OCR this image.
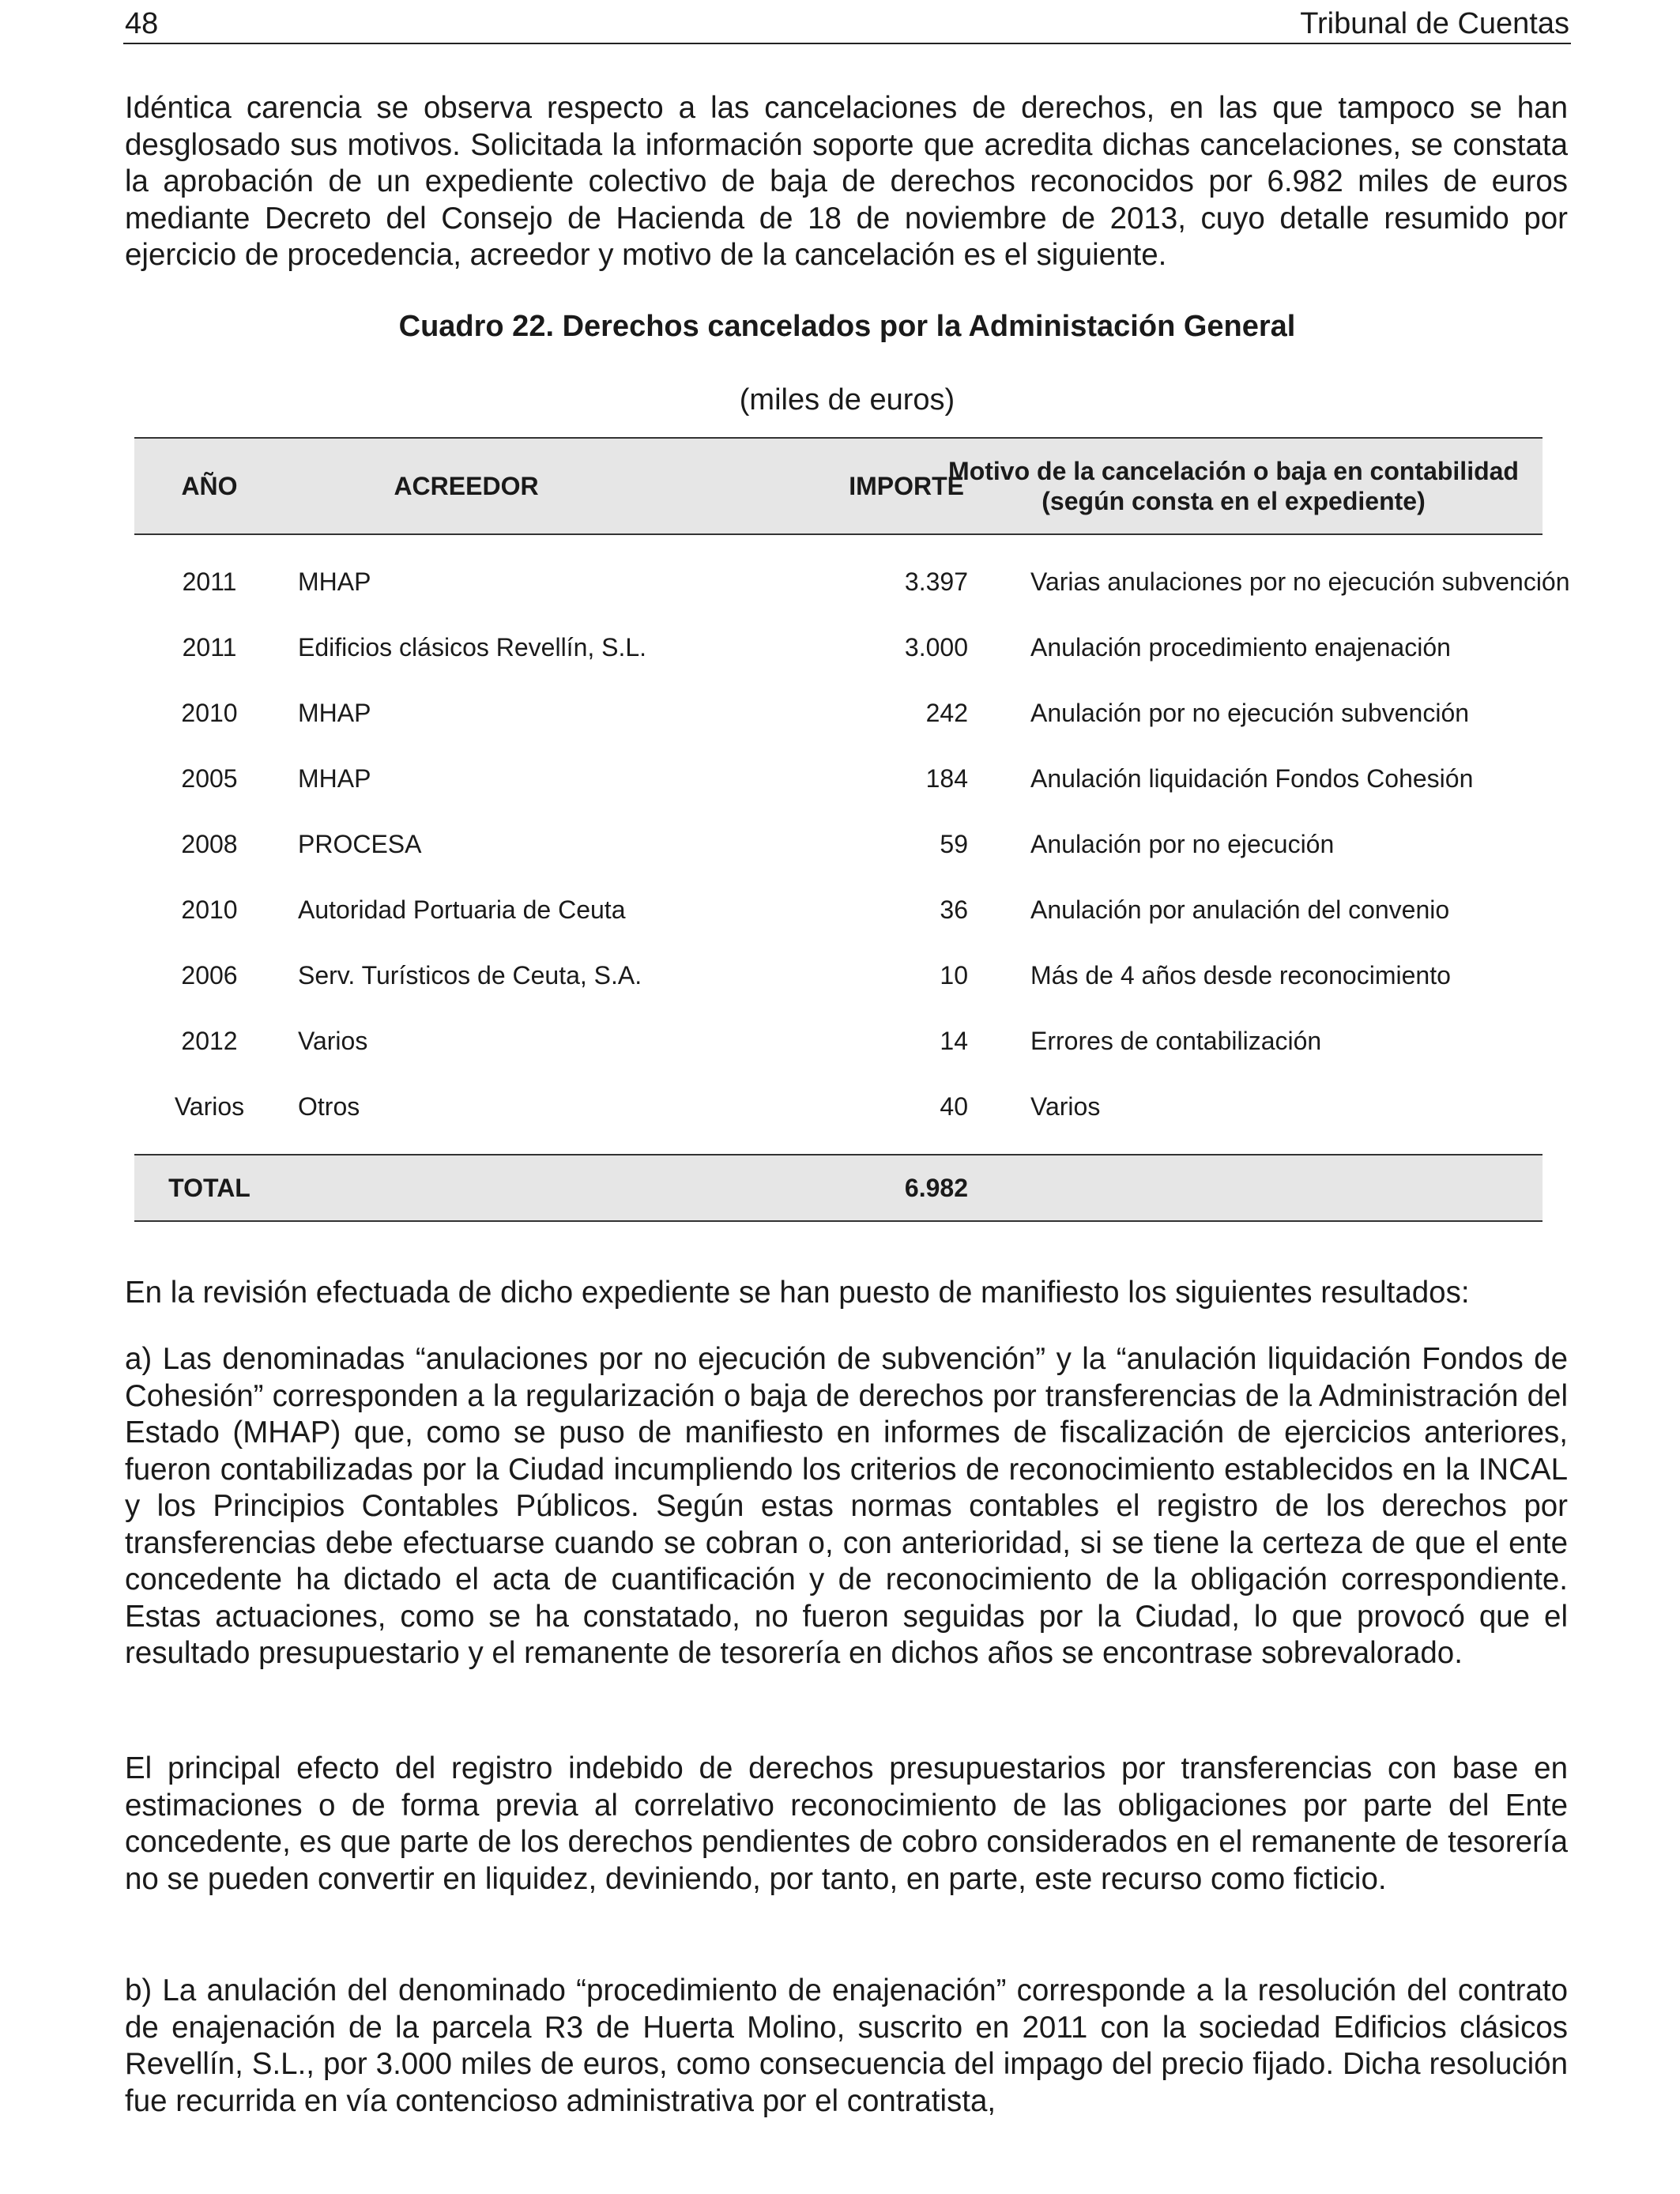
48	Tribunal de Cuentas

Idéntica carencia se observa respecto a las cancelaciones de derechos, en las que tampoco se han desglosado sus motivos. Solicitada la información soporte que acredita dichas cancelaciones, se constata la aprobación de un expediente colectivo de baja de derechos reconocidos por 6.982 miles de euros mediante Decreto del Consejo de Hacienda de 18 de noviembre de 2013, cuyo detalle resumido por ejercicio de procedencia, acreedor y motivo de la cancelación es el siguiente.

Cuadro 22. Derechos cancelados por la Administación General
(miles de euros)
AÑO	ACREEDOR	IMPORTE
Motivo de la cancelación o baja en contabilidad (según consta en el expediente)
2011	MHAP	3.397 Varias anulaciones por no ejecución subvención
2011	Edificios clásicos Revellín, S.L.	3.000 Anulación procedimiento enajenación
2010	MHAP	242 Anulación por no ejecución subvención
2005	MHAP	184 Anulación liquidación Fondos Cohesión
2008	PROCESA	59 Anulación por no ejecución
2010	Autoridad Portuaria de Ceuta	36 Anulación por anulación del convenio
2006	Serv. Turísticos de Ceuta, S.A.	10 Más de 4 años desde reconocimiento
2012	Varios	14 Errores de contabilización
Varios	Otros	40 Varios
TOTAL	6.982

En la revisión efectuada de dicho expediente se han puesto de manifiesto los siguientes resultados:

a) Las denominadas “anulaciones por no ejecución de subvención” y la “anulación liquidación Fondos de Cohesión” corresponden a la regularización o baja de derechos por transferencias de la Administración del Estado (MHAP) que, como se puso de manifiesto en informes de fiscalización de ejercicios anteriores, fueron contabilizadas por la Ciudad incumpliendo los criterios de reconocimiento establecidos en la INCAL y los Principios Contables Públicos. Según estas normas contables el registro de los derechos por transferencias debe efectuarse cuando se cobran o, con anterioridad, si se tiene la certeza de que el ente concedente ha dictado el acta de cuantificación y de reconocimiento de la obligación correspondiente. Estas actuaciones, como se ha constatado, no fueron seguidas por la Ciudad, lo que provocó que el resultado presupuestario y el remanente de tesorería en dichos años se encontrase sobrevalorado.

El principal efecto del registro indebido de derechos presupuestarios por transferencias con base en estimaciones o de forma previa al correlativo reconocimiento de las obligaciones por parte del Ente concedente, es que parte de los derechos pendientes de cobro considerados en el remanente de tesorería no se pueden convertir en liquidez, deviniendo, por tanto, en parte, este recurso como ficticio.

b) La anulación del denominado “procedimiento de enajenación” corresponde a la resolución del contrato de enajenación de la parcela R3 de Huerta Molino, suscrito en 2011 con la sociedad Edificios clásicos Revellín, S.L., por 3.000 miles de euros, como consecuencia del impago del precio fijado. Dicha resolución fue recurrida en vía contencioso administrativa por el contratista,
